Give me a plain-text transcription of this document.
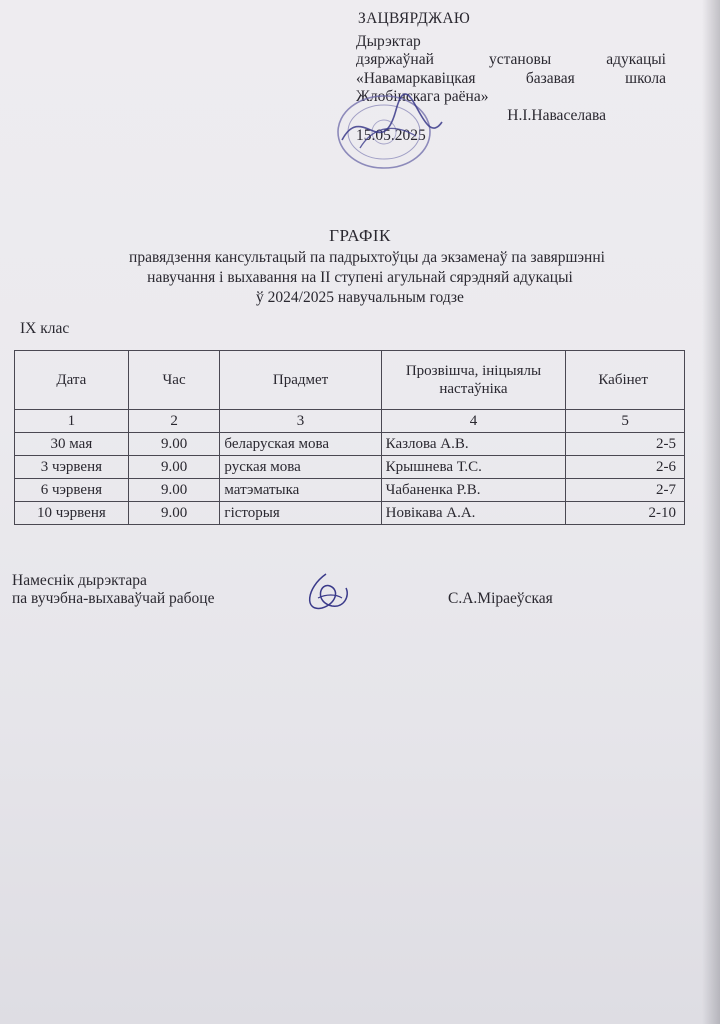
ЗАЦВЯРДЖАЮ
Дырэктар
дзяржаўнай	установы	адукацыі
«Навамаркавіцкая	базавая	школа
Жлобінскага раёна»
Н.І.Наваселава
15.05.2025
ГРАФІК
правядзення кансультацый па падрыхтоўцы да экзаменаў па завяршэнні
навучання і выхавання на II ступені агульнай сярэдняй адукацыі
ў 2024/2025 навучальным годзе
IX клас
Дата	Час	Прадмет	Прозвішча, ініцыялы настаўніка	Кабінет
1	2	3	4	5
30 мая	9.00	беларуская мова	Казлова А.В.	2-5
3 чэрвеня	9.00	руская мова	Крышнева Т.С.	2-6
6 чэрвеня	9.00	матэматыка	Чабаненка Р.В.	2-7
10 чэрвеня	9.00	гісторыя	Новікава А.А.	2-10
Намеснік дырэктара
па вучэбна-выхаваўчай рабоце	С.А.Міраеўская
